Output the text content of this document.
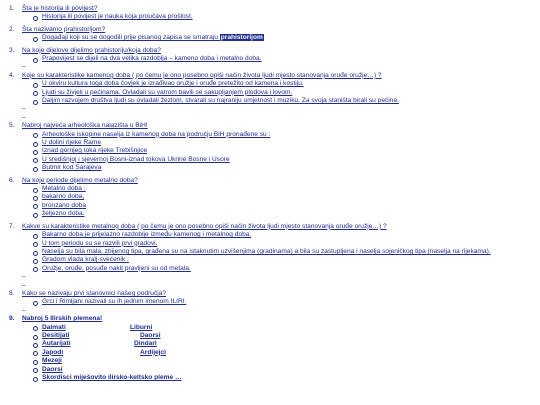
1. Šta je historija ili povijest?
Historija ili povijest je nauka koja proučava prošlost.
2. Šta nazivamo prahistorijom?
Događaji koji su se dogodili prije pisanog zapisa se smatraju prahistorijom
3. Na koje dijelove dijelimo prahistoriju/koja doba?
Prapovijest se dijeli na dva velika razdoblja – kameno doba i metalno doba.
–
4. Koje su karakteristike kamenog doba ( po čemu je ono posebno opiši način života ljudi mjesto stanovanja oruđe oružje…) ?
U okviru kultura toga doba čovjek je izrađivao oružje i oruđe pretežito od kamena i kostiju.
Ljudi su živjeli u pećinama. Ovladali su vatrom bavili se sakupljanjem plodova i lovom.
Daljim razvojem društva ljudi su ovladali žezlom, stvarali su najraniju umjetnost i muziku. Za svoja staništa birali su pećine.
–
–
5. Nabroj najveća arheološka nalazišta u BiH!
Arheološke iskopine naselja iz kamenog doba na području BiH pronađene su :
U dolini rijeke Rame
Iznad gornjeg toka rijeke Trebišnjice
U središnjoj i sjevernoj Bosni-iznad tokova Ukrine Bosne i Usore
Butmir kod Sarajeva
6. Na koje periode dijelimo metalno doba?
Metalno doba :
bakarno doba,
bronzano doba
željezno doba.
7. Kakve su karakteristike metalnog doba ( po čemu je ono posebno opiši način života ljudi mjesto stanovanja oruđe oružje…) ?
Bakarno doba je prijelazno razdoblje između kamenog i metalnog doba.
U tom periodu su se razvili prvi gradovi.
Naselja su bila mala, zbijenog tipa, građena su na istaknutim uzvišenjima (gradinama) a bila su zastupljena i naselja sojeničkog tipa (naselja na rijekama).
Gradom vlada kralj-svećenik .
Oružje, oruđe, posuđe nakit pravljeni su od metala.
–
–
8. Kako se nazivaju prvi stanovnici našeg područja?
Grci i Rimljani nazivali su ih jednim imenom ILIRI.
–
9. Nabroj 5 Ilirskih plemena!
Dalmati	Liburni
Desitijati	Daorsi
Autarijati	Dindari
Japodi	Ardijejci
Mezeji
Daorsi
Skordisci miješovito ilirsko-keltsko pleme …
